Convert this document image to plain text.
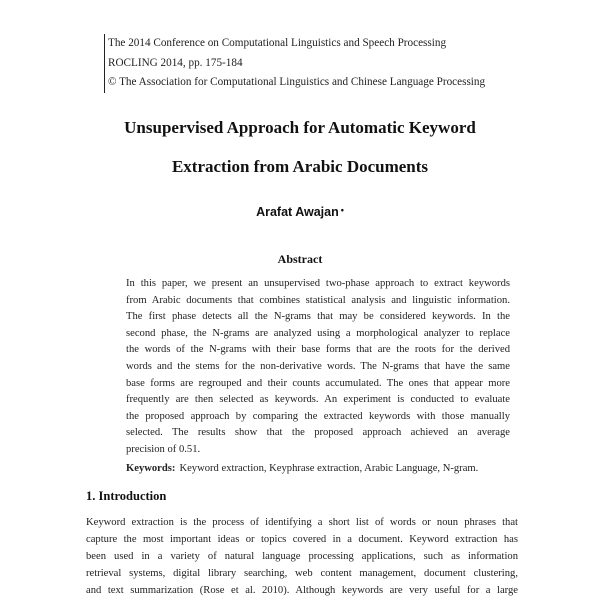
The 2014 Conference on Computational Linguistics and Speech Processing
ROCLING 2014, pp. 175-184
© The Association for Computational Linguistics and Chinese Language Processing
Unsupervised Approach for Automatic Keyword
Extraction from Arabic Documents
Arafat Awajan •
Abstract
In this paper, we present an unsupervised two-phase approach to extract keywords
from Arabic documents that combines statistical analysis and linguistic information.
The first phase detects all the N-grams that may be considered keywords. In the
second phase, the N-grams are analyzed using a morphological analyzer to replace
the words of the N-grams with their base forms that are the roots for the derived
words and the stems for the non-derivative words. The N-grams that have the same
base forms are regrouped and their counts accumulated. The ones that appear more
frequently are then selected as keywords. An experiment is conducted to evaluate
the proposed approach by comparing the extracted keywords with those manually
selected. The results show that the proposed approach achieved an average
precision of 0.51.
Keywords: Keyword extraction, Keyphrase extraction, Arabic Language, N-gram.
1. Introduction
Keyword extraction is the process of identifying a short list of words or noun phrases that
capture the most important ideas or topics covered in a document. Keyword extraction has
been used in a variety of natural language processing applications, such as information
retrieval systems, digital library searching, web content management, document clustering,
and text summarization (Rose et al. 2010). Although keywords are very useful for a large
